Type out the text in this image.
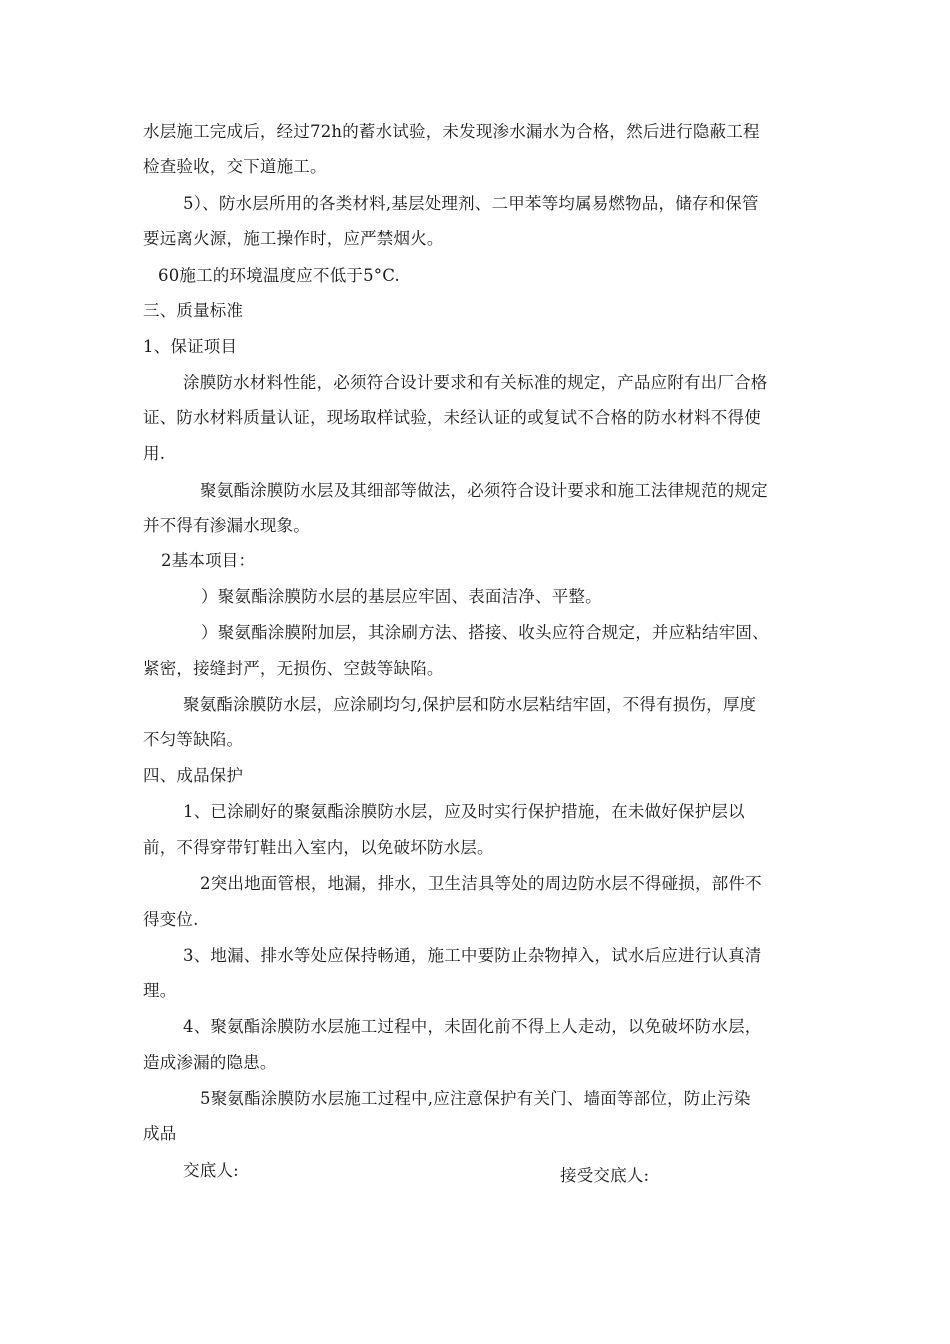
水层施工完成后，经过72h的蓄水试验，未发现渗水漏水为合格，然后进行隐蔽工程
检查验收，交下道施工。
5）、防水层所用的各类材料,基层处理剂、二甲苯等均属易燃物品，储存和保管
要远离火源，施工操作时，应严禁烟火。
60施工的环境温度应不低于5°C.
三、质量标准
1、保证项目
涂膜防水材料性能，必须符合设计要求和有关标准的规定，产品应附有出厂合格
证、防水材料质量认证，现场取样试验，未经认证的或复试不合格的防水材料不得使
用.
聚氨酯涂膜防水层及其细部等做法，必须符合设计要求和施工法律规范的规定
并不得有渗漏水现象。
2基本项目：
）聚氨酯涂膜防水层的基层应牢固、表面洁净、平整。
）聚氨酯涂膜附加层，其涂刷方法、搭接、收头应符合规定，并应粘结牢固、
紧密，接缝封严，无损伤、空鼓等缺陷。
聚氨酯涂膜防水层，应涂刷均匀,保护层和防水层粘结牢固，不得有损伤，厚度
不匀等缺陷。
四、成品保护
1、已涂刷好的聚氨酯涂膜防水层，应及时实行保护措施，在未做好保护层以
前，不得穿带钉鞋出入室内，以免破坏防水层。
2突出地面管根，地漏，排水，卫生洁具等处的周边防水层不得碰损，部件不
得变位.
3、地漏、排水等处应保持畅通，施工中要防止杂物掉入，试水后应进行认真清
理。
4、聚氨酯涂膜防水层施工过程中，未固化前不得上人走动，以免破坏防水层，
造成渗漏的隐患。
5聚氨酯涂膜防水层施工过程中,应注意保护有关门、墙面等部位，防止污染
成品
交底人:	接受交底人:
